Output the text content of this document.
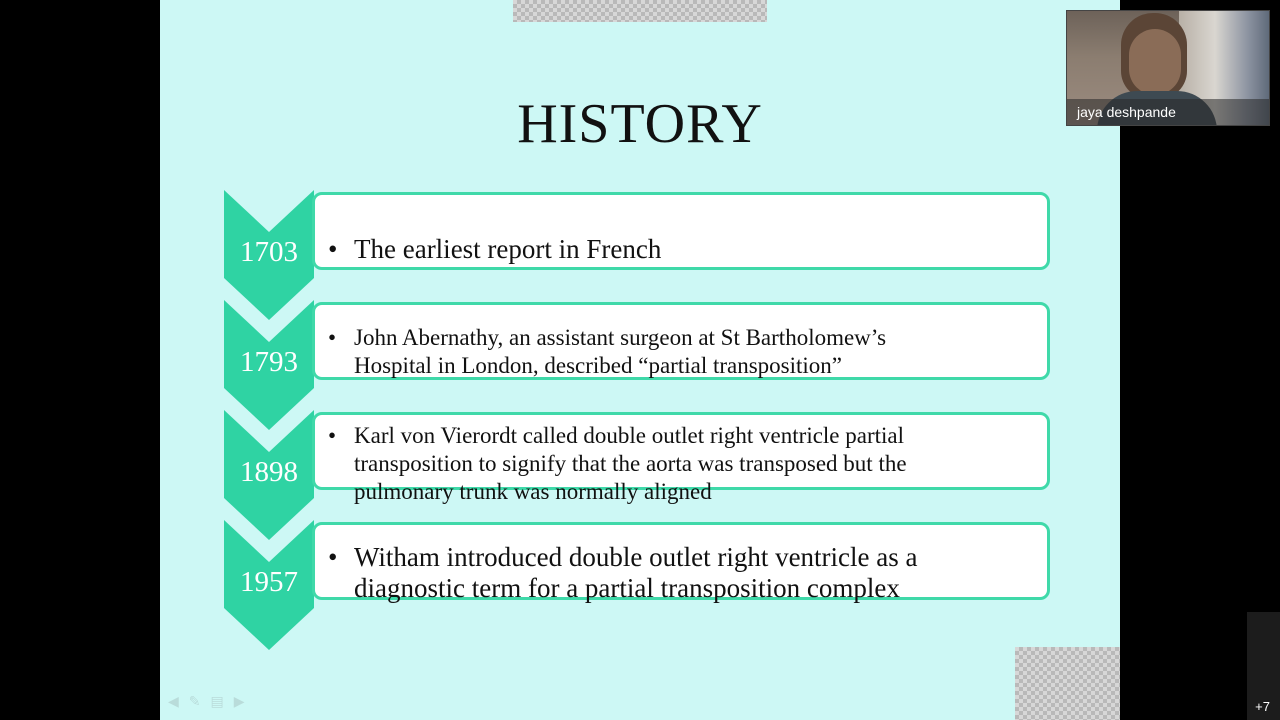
HISTORY
1703 • The earliest report in French
1793
• John Abernathy, an assistant surgeon at St Bartholomew’s
Hospital in London, described “partial transposition”
1898
• Karl von Vierordt called double outlet right ventricle partial
transposition to signify that the aorta was transposed but the
pulmonary trunk was normally aligned
1957
• Witham introduced double outlet right ventricle as a
diagnostic term for a partial transposition complex
◀ ✎ ▤ ▶
jaya deshpande
+7
